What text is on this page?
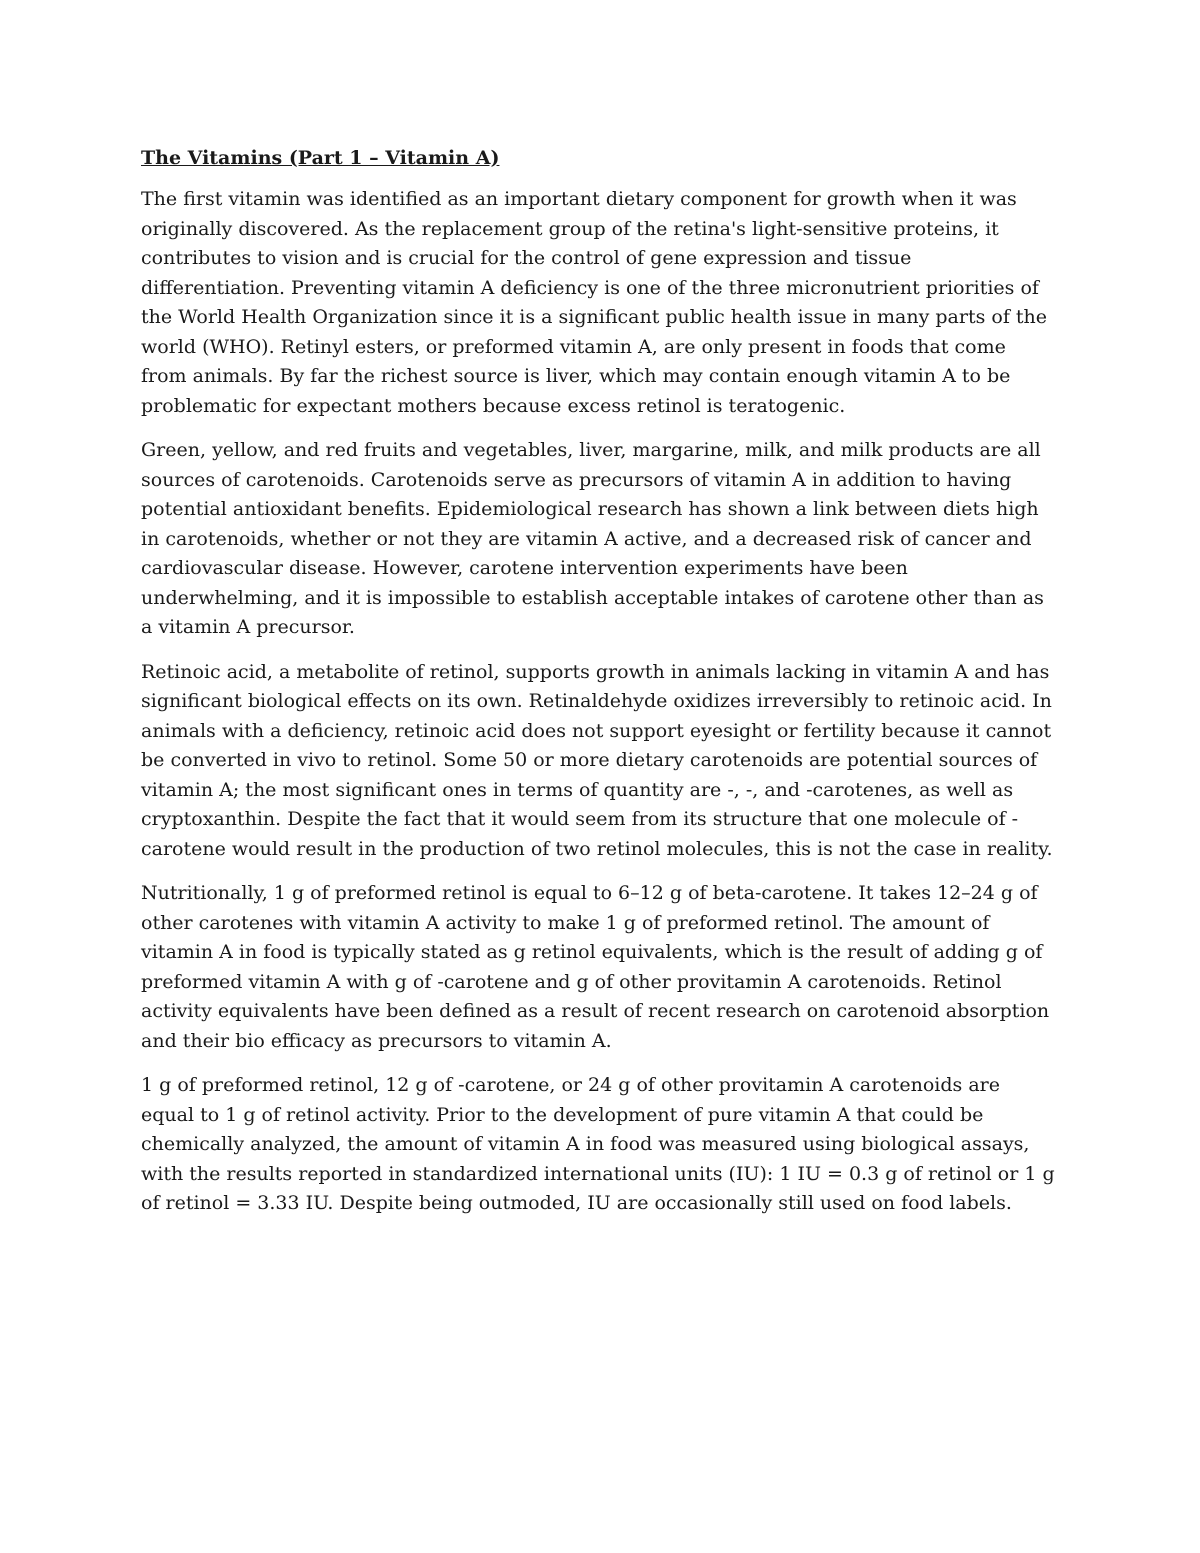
The Vitamins (Part 1 – Vitamin A)

The first vitamin was identified as an important dietary component for growth when it was originally discovered. As the replacement group of the retina's light-sensitive proteins, it contributes to vision and is crucial for the control of gene expression and tissue differentiation. Preventing vitamin A deficiency is one of the three micronutrient priorities of the World Health Organization since it is a significant public health issue in many parts of the world (WHO). Retinyl esters, or preformed vitamin A, are only present in foods that come from animals. By far the richest source is liver, which may contain enough vitamin A to be problematic for expectant mothers because excess retinol is teratogenic.

Green, yellow, and red fruits and vegetables, liver, margarine, milk, and milk products are all sources of carotenoids. Carotenoids serve as precursors of vitamin A in addition to having potential antioxidant benefits. Epidemiological research has shown a link between diets high in carotenoids, whether or not they are vitamin A active, and a decreased risk of cancer and cardiovascular disease. However, carotene intervention experiments have been underwhelming, and it is impossible to establish acceptable intakes of carotene other than as a vitamin A precursor.

Retinoic acid, a metabolite of retinol, supports growth in animals lacking in vitamin A and has significant biological effects on its own. Retinaldehyde oxidizes irreversibly to retinoic acid. In animals with a deficiency, retinoic acid does not support eyesight or fertility because it cannot be converted in vivo to retinol. Some 50 or more dietary carotenoids are potential sources of vitamin A; the most significant ones in terms of quantity are -, -, and -carotenes, as well as cryptoxanthin. Despite the fact that it would seem from its structure that one molecule of -carotene would result in the production of two retinol molecules, this is not the case in reality.

Nutritionally, 1 g of preformed retinol is equal to 6–12 g of beta-carotene. It takes 12–24 g of other carotenes with vitamin A activity to make 1 g of preformed retinol. The amount of vitamin A in food is typically stated as g retinol equivalents, which is the result of adding g of preformed vitamin A with g of -carotene and g of other provitamin A carotenoids. Retinol activity equivalents have been defined as a result of recent research on carotenoid absorption and their bio efficacy as precursors to vitamin A.

1 g of preformed retinol, 12 g of -carotene, or 24 g of other provitamin A carotenoids are equal to 1 g of retinol activity. Prior to the development of pure vitamin A that could be chemically analyzed, the amount of vitamin A in food was measured using biological assays, with the results reported in standardized international units (IU): 1 IU = 0.3 g of retinol or 1 g of retinol = 3.33 IU. Despite being outmoded, IU are occasionally still used on food labels.
